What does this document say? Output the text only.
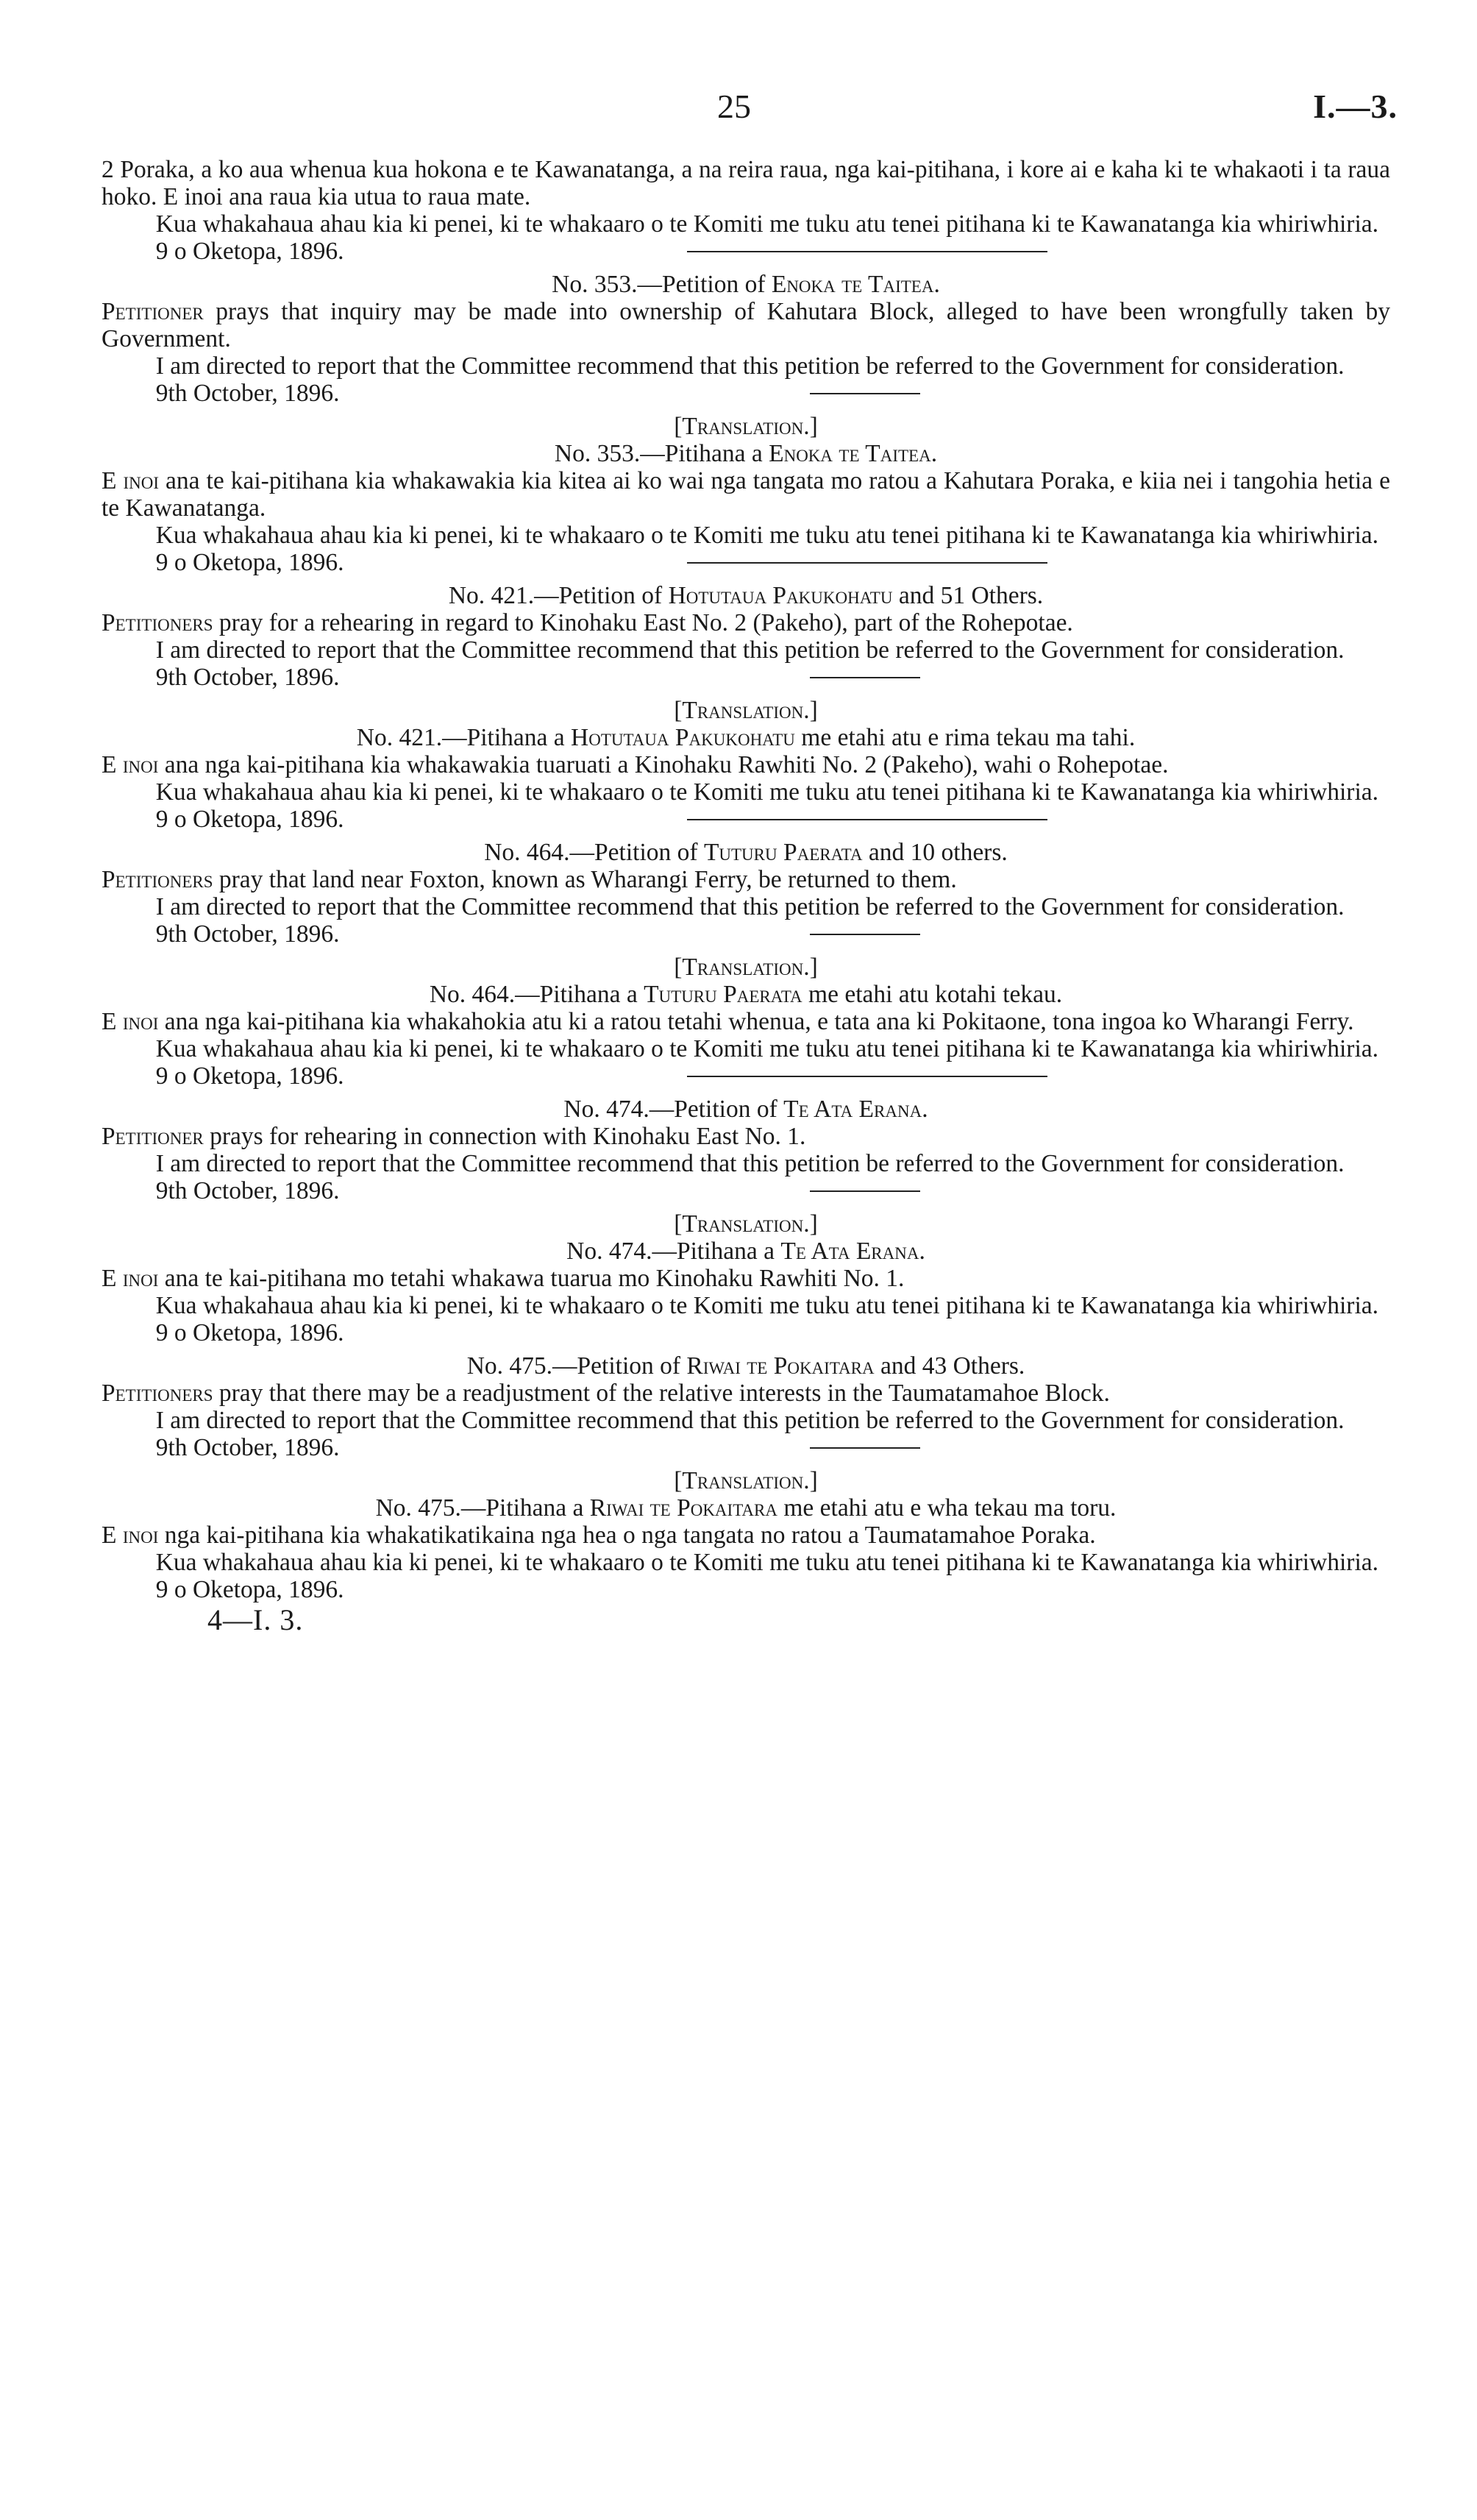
25	I.—3.

2 Poraka, a ko aua whenua kua hokona e te Kawanatanga, a na reira raua, nga kai-pitihana, i kore ai e kaha ki te whakaoti i ta raua hoko. E inoi ana raua kia utua to raua mate.

Kua whakahaua ahau kia ki penei, ki te whakaaro o te Komiti me tuku atu tenei pitihana ki te Kawanatanga kia whiriwhiria.

9 o Oketopa, 1896.

No. 353.—Petition of Enoka te Taitea.

Petitioner prays that inquiry may be made into ownership of Kahutara Block, alleged to have been wrongfully taken by Government.

I am directed to report that the Committee recommend that this petition be referred to the Government for consideration.

9th October, 1896.

[Translation.]

No. 353.—Pitihana a Enoka te Taitea.

E inoi ana te kai-pitihana kia whakawakia kia kitea ai ko wai nga tangata mo ratou a Kahutara Poraka, e kiia nei i tangohia hetia e te Kawanatanga.

Kua whakahaua ahau kia ki penei, ki te whakaaro o te Komiti me tuku atu tenei pitihana ki te Kawanatanga kia whiriwhiria.

9 o Oketopa, 1896.

No. 421.—Petition of Hotutaua Pakukohatu and 51 Others.

Petitioners pray for a rehearing in regard to Kinohaku East No. 2 (Pakeho), part of the Rohepotae.

I am directed to report that the Committee recommend that this petition be referred to the Government for consideration.

9th October, 1896.

[Translation.]

No. 421.—Pitihana a Hotutaua Pakukohatu me etahi atu e rima tekau ma tahi.

E inoi ana nga kai-pitihana kia whakawakia tuaruati a Kinohaku Rawhiti No. 2 (Pakeho), wahi o Rohepotae.

Kua whakahaua ahau kia ki penei, ki te whakaaro o te Komiti me tuku atu tenei pitihana ki te Kawanatanga kia whiriwhiria.

9 o Oketopa, 1896.

No. 464.—Petition of Tuturu Paerata and 10 others.

Petitioners pray that land near Foxton, known as Wharangi Ferry, be returned to them.

I am directed to report that the Committee recommend that this petition be referred to the Government for consideration.

9th October, 1896.

[Translation.]

No. 464.—Pitihana a Tuturu Paerata me etahi atu kotahi tekau.

E inoi ana nga kai-pitihana kia whakahokia atu ki a ratou tetahi whenua, e tata ana ki Pokitaone, tona ingoa ko Wharangi Ferry.

Kua whakahaua ahau kia ki penei, ki te whakaaro o te Komiti me tuku atu tenei pitihana ki te Kawanatanga kia whiriwhiria.

9 o Oketopa, 1896.

No. 474.—Petition of Te Ata Erana.

Petitioner prays for rehearing in connection with Kinohaku East No. 1.

I am directed to report that the Committee recommend that this petition be referred to the Government for consideration.

9th October, 1896.

[Translation.]

No. 474.—Pitihana a Te Ata Erana.

E inoi ana te kai-pitihana mo tetahi whakawa tuarua mo Kinohaku Rawhiti No. 1.

Kua whakahaua ahau kia ki penei, ki te whakaaro o te Komiti me tuku atu tenei pitihana ki te Kawanatanga kia whiriwhiria.

9 o Oketopa, 1896.

No. 475.—Petition of Riwai te Pokaitara and 43 Others.

Petitioners pray that there may be a readjustment of the relative interests in the Taumatamahoe Block.

I am directed to report that the Committee recommend that this petition be referred to the Government for consideration.

9th October, 1896.

[Translation.]

No. 475.—Pitihana a Riwai te Pokaitara me etahi atu e wha tekau ma toru.

E inoi nga kai-pitihana kia whakatikatikaina nga hea o nga tangata no ratou a Taumatamahoe Poraka.

Kua whakahaua ahau kia ki penei, ki te whakaaro o te Komiti me tuku atu tenei pitihana ki te Kawanatanga kia whiriwhiria.

9 o Oketopa, 1896.

4—I. 3.
